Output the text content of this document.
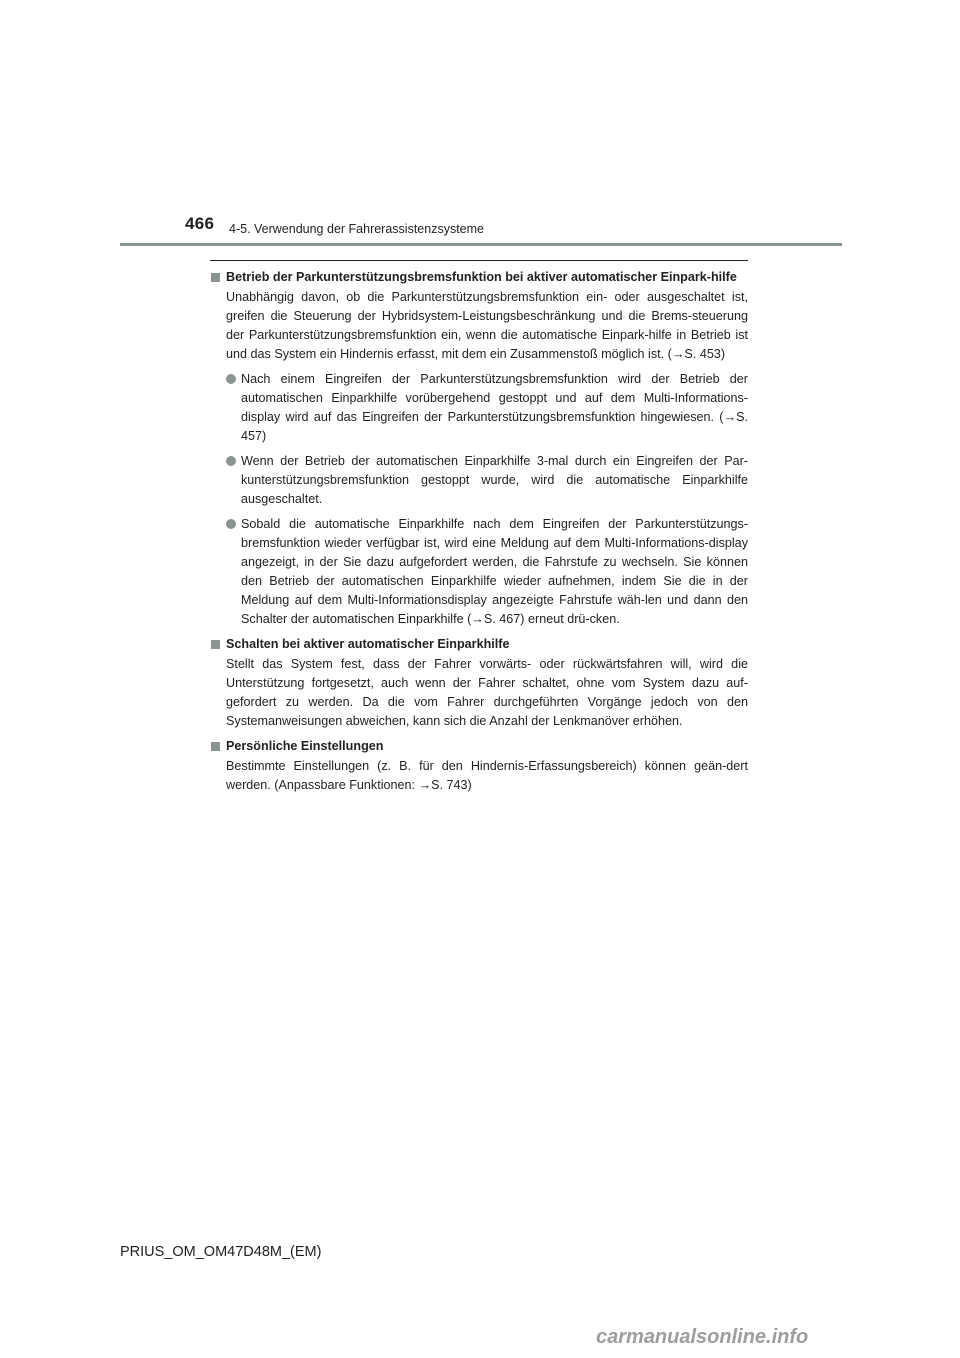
466 4-5. Verwendung der Fahrerassistenzsysteme
Betrieb der Parkunterstützungsbremsfunktion bei aktiver automatischer Einpark-hilfe
Unabhängig davon, ob die Parkunterstützungsbremsfunktion ein- oder ausgeschaltet ist, greifen die Steuerung der Hybridsystem-Leistungsbeschränkung und die Brems-steuerung der Parkunterstützungsbremsfunktion ein, wenn die automatische Einpark-hilfe in Betrieb ist und das System ein Hindernis erfasst, mit dem ein Zusammenstoß möglich ist. (→S. 453)
Nach einem Eingreifen der Parkunterstützungsbremsfunktion wird der Betrieb der automatischen Einparkhilfe vorübergehend gestoppt und auf dem Multi-Informations-display wird auf das Eingreifen der Parkunterstützungsbremsfunktion hingewiesen. (→S. 457)
Wenn der Betrieb der automatischen Einparkhilfe 3-mal durch ein Eingreifen der Par-kunterstützungsbremsfunktion gestoppt wurde, wird die automatische Einparkhilfe ausgeschaltet.
Sobald die automatische Einparkhilfe nach dem Eingreifen der Parkunterstützungs-bremsfunktion wieder verfügbar ist, wird eine Meldung auf dem Multi-Informations-display angezeigt, in der Sie dazu aufgefordert werden, die Fahrstufe zu wechseln. Sie können den Betrieb der automatischen Einparkhilfe wieder aufnehmen, indem Sie die in der Meldung auf dem Multi-Informationsdisplay angezeigte Fahrstufe wäh-len und dann den Schalter der automatischen Einparkhilfe (→S. 467) erneut drü-cken.
Schalten bei aktiver automatischer Einparkhilfe
Stellt das System fest, dass der Fahrer vorwärts- oder rückwärtsfahren will, wird die Unterstützung fortgesetzt, auch wenn der Fahrer schaltet, ohne vom System dazu auf-gefordert zu werden. Da die vom Fahrer durchgeführten Vorgänge jedoch von den Systemanweisungen abweichen, kann sich die Anzahl der Lenkmanöver erhöhen.
Persönliche Einstellungen
Bestimmte Einstellungen (z. B. für den Hindernis-Erfassungsbereich) können geän-dert werden. (Anpassbare Funktionen: →S. 743)
PRIUS_OM_OM47D48M_(EM)
carmanualsonline.info
